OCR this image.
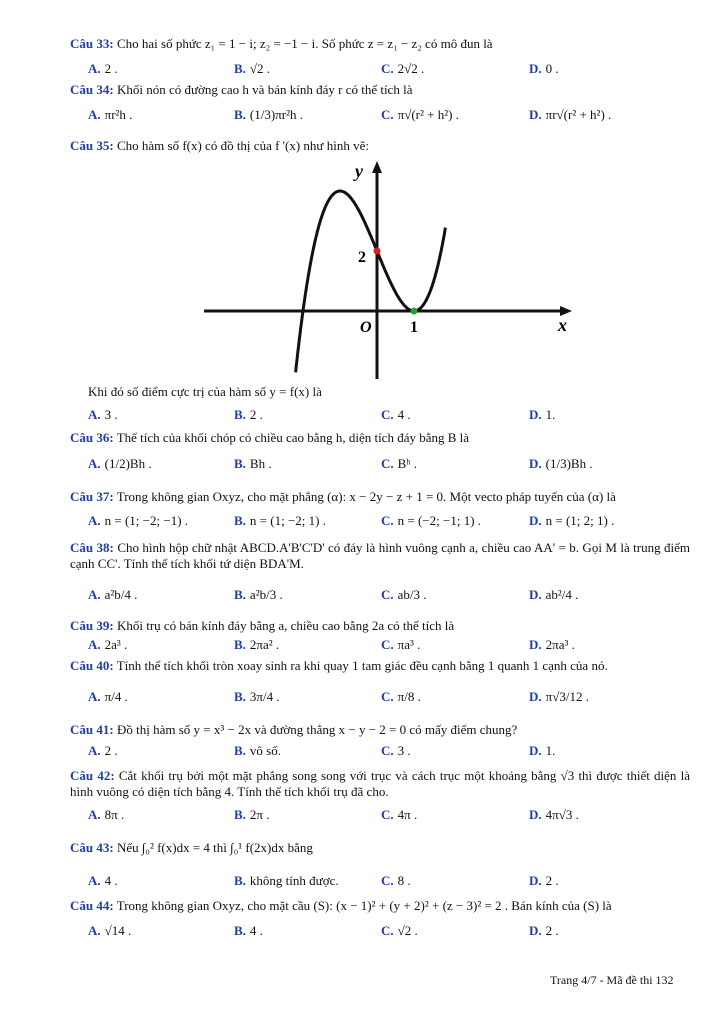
Câu 33: Cho hai số phức z₁ = 1 − i; z₂ = −1 − i. Số phức z = z₁ − z₂ có mô đun là
A. 2 .	B. √2 .	C. 2√2 .	D. 0 .
Câu 34: Khối nón có đường cao h và bán kính đáy r có thể tích là
A. πr²h .	B. (1/3)πr²h .	C. π√(r² + h²) .	D. πr√(r² + h²) .
Câu 35: Cho hàm số f(x) có đồ thị của f '(x) như hình vẽ:
y
x
O 1
2
Khi đó số điểm cực trị của hàm số y = f(x) là
A. 3 .	B. 2 .	C. 4 .	D. 1.
Câu 36: Thể tích của khối chóp có chiều cao bằng h, diện tích đáy bằng B là
A. (1/2)Bh .	B. Bh .	C. Bʰ .	D. (1/3)Bh .
Câu 37: Trong không gian Oxyz, cho mặt phẳng (α): x − 2y − z + 1 = 0. Một vecto pháp tuyến của (α) là
A. n = (1; −2; −1) .	B. n = (1; −2; 1) .	C. n = (−2; −1; 1) .	D. n = (1; 2; 1) .
Câu 38: Cho hình hộp chữ nhật ABCD.A'B'C'D' có đáy là hình vuông cạnh a, chiều cao AA' = b. Gọi M là trung điểm cạnh CC'. Tính thể tích khối tứ diện BDA'M.
A. a²b/4 .	B. a²b/3 .	C. ab/3 .	D. ab²/4 .
Câu 39: Khối trụ có bán kính đáy bằng a, chiều cao bằng 2a có thể tích là
A. 2a³ .	B. 2πa² .	C. πa³ .	D. 2πa³ .
Câu 40: Tính thể tích khối tròn xoay sinh ra khi quay 1 tam giác đều cạnh bằng 1 quanh 1 cạnh của nó.
A. π/4 .	B. 3π/4 .	C. π/8 .	D. π√3/12 .
Câu 41: Đồ thị hàm số y = x³ − 2x và đường thẳng x − y − 2 = 0 có mấy điểm chung?
A. 2 .	B. vô số.	C. 3 .	D. 1.
Câu 42: Cắt khối trụ bởi một mặt phẳng song song với trục và cách trục một khoảng bằng √3 thì được thiết diện là hình vuông có diện tích bằng 4. Tính thể tích khối trụ đã cho.
A. 8π .	B. 2π .	C. 4π .	D. 4π√3 .
Câu 43: Nếu ∫₀² f(x)dx = 4 thì ∫₀¹ f(2x)dx bằng
A. 4 .	B. không tính được.	C. 8 .	D. 2 .
Câu 44: Trong không gian Oxyz, cho mặt cầu (S): (x − 1)² + (y + 2)² + (z − 3)² = 2 . Bán kính của (S) là
A. √14 .	B. 4 .	C. √2 .	D. 2 .
Trang 4/7 - Mã đề thi 132
